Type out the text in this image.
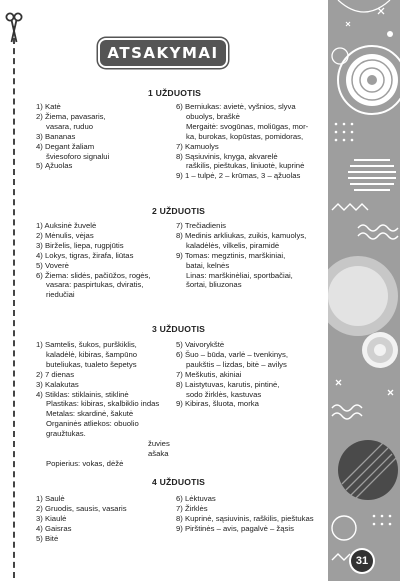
ATSAKYMAI
1 UŽDUOTIS
1) Katė
2) Žiema, pavasaris,
vasara, ruduo
3) Bananas
4) Degant žaliam
šviesoforo signalui
5) Ąžuolas
6) Berniukas: avietė, vyšnios, slyva
obuolys, braškė
Mergaitė: svogūnas, moliūgas, mor-
ka, burokas, kopūstas, pomidoras,
7) Kamuolys
8) Sąsiuvinis, knyga, akvarelė
raškilis, pieštukas, liniuotė, kuprinė
9) 1 – tulpė, 2 – krūmas, 3 – ąžuolas
2 UŽDUOTIS
1) Auksinė žuvelė
2) Mėnulis, vėjas
3) Birželis, liepa, rugpjūtis
4) Lokys, tigras, žirafa, liūtas
5) Voverė
6) Žiema: slidės, pačiūžos, rogės,
vasara: paspirtukas, dviratis,
riedučiai
7) Trečiadienis
8) Medinis arkliukas, zuikis, kamuolys,
kaladėlės, vilkelis, piramidė
9) Tomas: megztinis, marškiniai,
batai, kelnės
Linas: marškinėliai, sportbačiai,
šortai, bliuzonas
3 UŽDUOTIS
1) Samtelis, šukos, purškiklis,
kaladėlė, kibiras, šampūno
buteliukas, tualeto šepetys
2) 7 dienas
3) Kalakutas
4) Stiklas: stiklainis, stiklinė
Plastikas: kibiras, skalbiklio indas
Metalas: skardinė, šakutė
Organinės atliekos: obuolio graužtukas.
žuvies ašaka
Popierius: vokas, dėžė
5) Vaivorykštė
6) Šuo – būda, varlė – tvenkinys,
paukštis – lizdas, bitė – avilys
7) Meškutis, akiniai
8) Laistytuvas, karutis, pintinė,
sodo žirklės, kastuvas
9) Kibiras, šluota, morka
4 UŽDUOTIS
1) Saulė
2) Gruodis, sausis, vasaris
3) Kiaulė
4) Gaisras
5) Bitė
6) Lėktuvas
7) Žirklės
8) Kuprinė, sąsiuvinis, raškilis, pieštukas
9) Pirštinės – avis, pagalvė – žąsis
31
